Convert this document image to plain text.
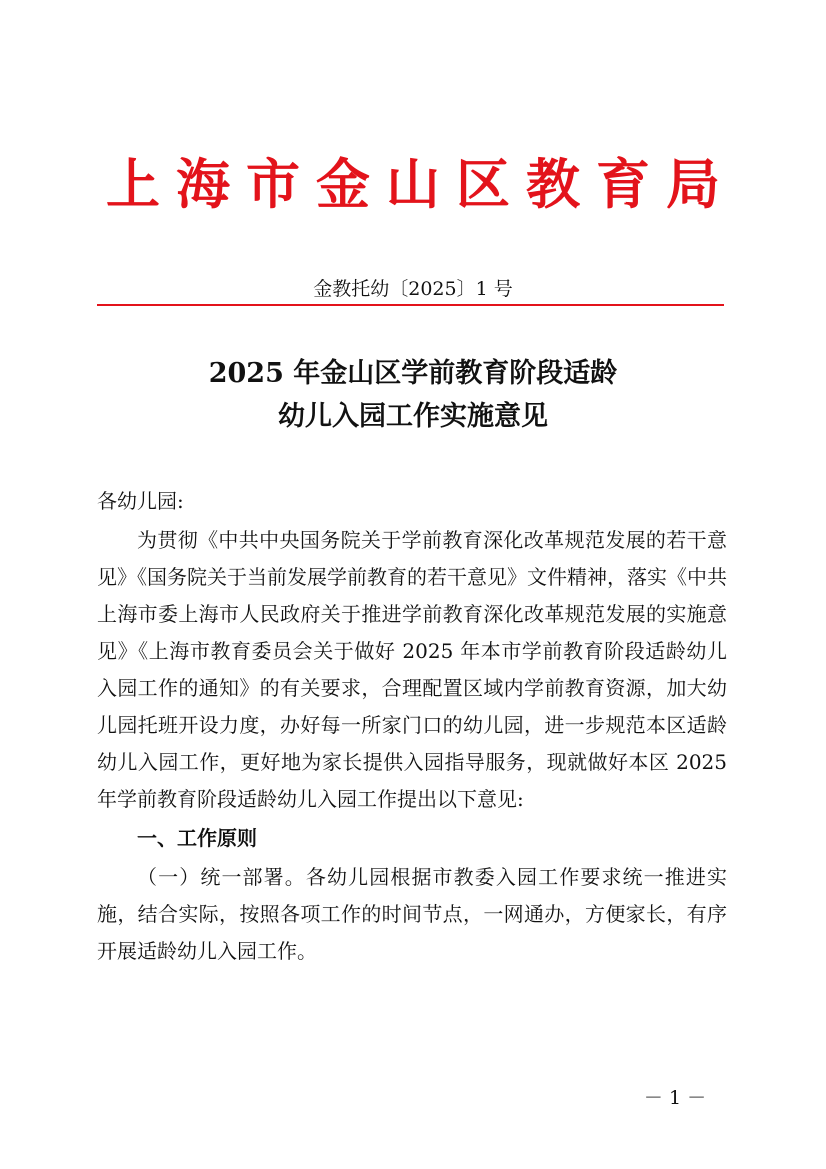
上海市金山区教育局
金教托幼〔2025〕1 号
2025 年金山区学前教育阶段适龄
幼儿入园工作实施意见

各幼儿园:

为贯彻《中共中央国务院关于学前教育深化改革规范发展的若干意见》《国务院关于当前发展学前教育的若干意见》文件精神，落实《中共上海市委上海市人民政府关于推进学前教育深化改革规范发展的实施意见》《上海市教育委员会关于做好 2025 年本市学前教育阶段适龄幼儿入园工作的通知》的有关要求，合理配置区域内学前教育资源，加大幼儿园托班开设力度，办好每一所家门口的幼儿园，进一步规范本区适龄幼儿入园工作，更好地为家长提供入园指导服务，现就做好本区 2025 年学前教育阶段适龄幼儿入园工作提出以下意见:

一、工作原则

（一）统一部署。各幼儿园根据市教委入园工作要求统一推进实施，结合实际，按照各项工作的时间节点，一网通办，方便家长，有序开展适龄幼儿入园工作。

－ 1 －
